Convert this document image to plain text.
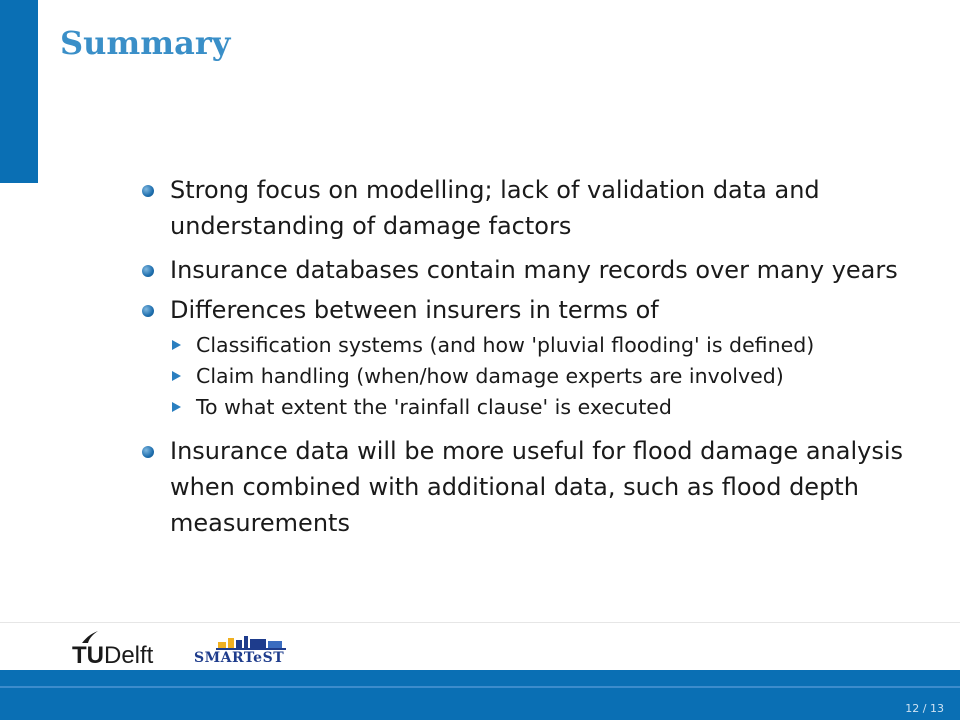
Summary
Strong focus on modelling; lack of validation data and understanding of damage factors
Insurance databases contain many records over many years
Differences between insurers in terms of
Classification systems (and how 'pluvial flooding' is defined)
Claim handling (when/how damage experts are involved)
To what extent the 'rainfall clause' is executed
Insurance data will be more useful for flood damage analysis when combined with additional data, such as flood depth measurements
TUDelft	SMARTeST
12 / 13
